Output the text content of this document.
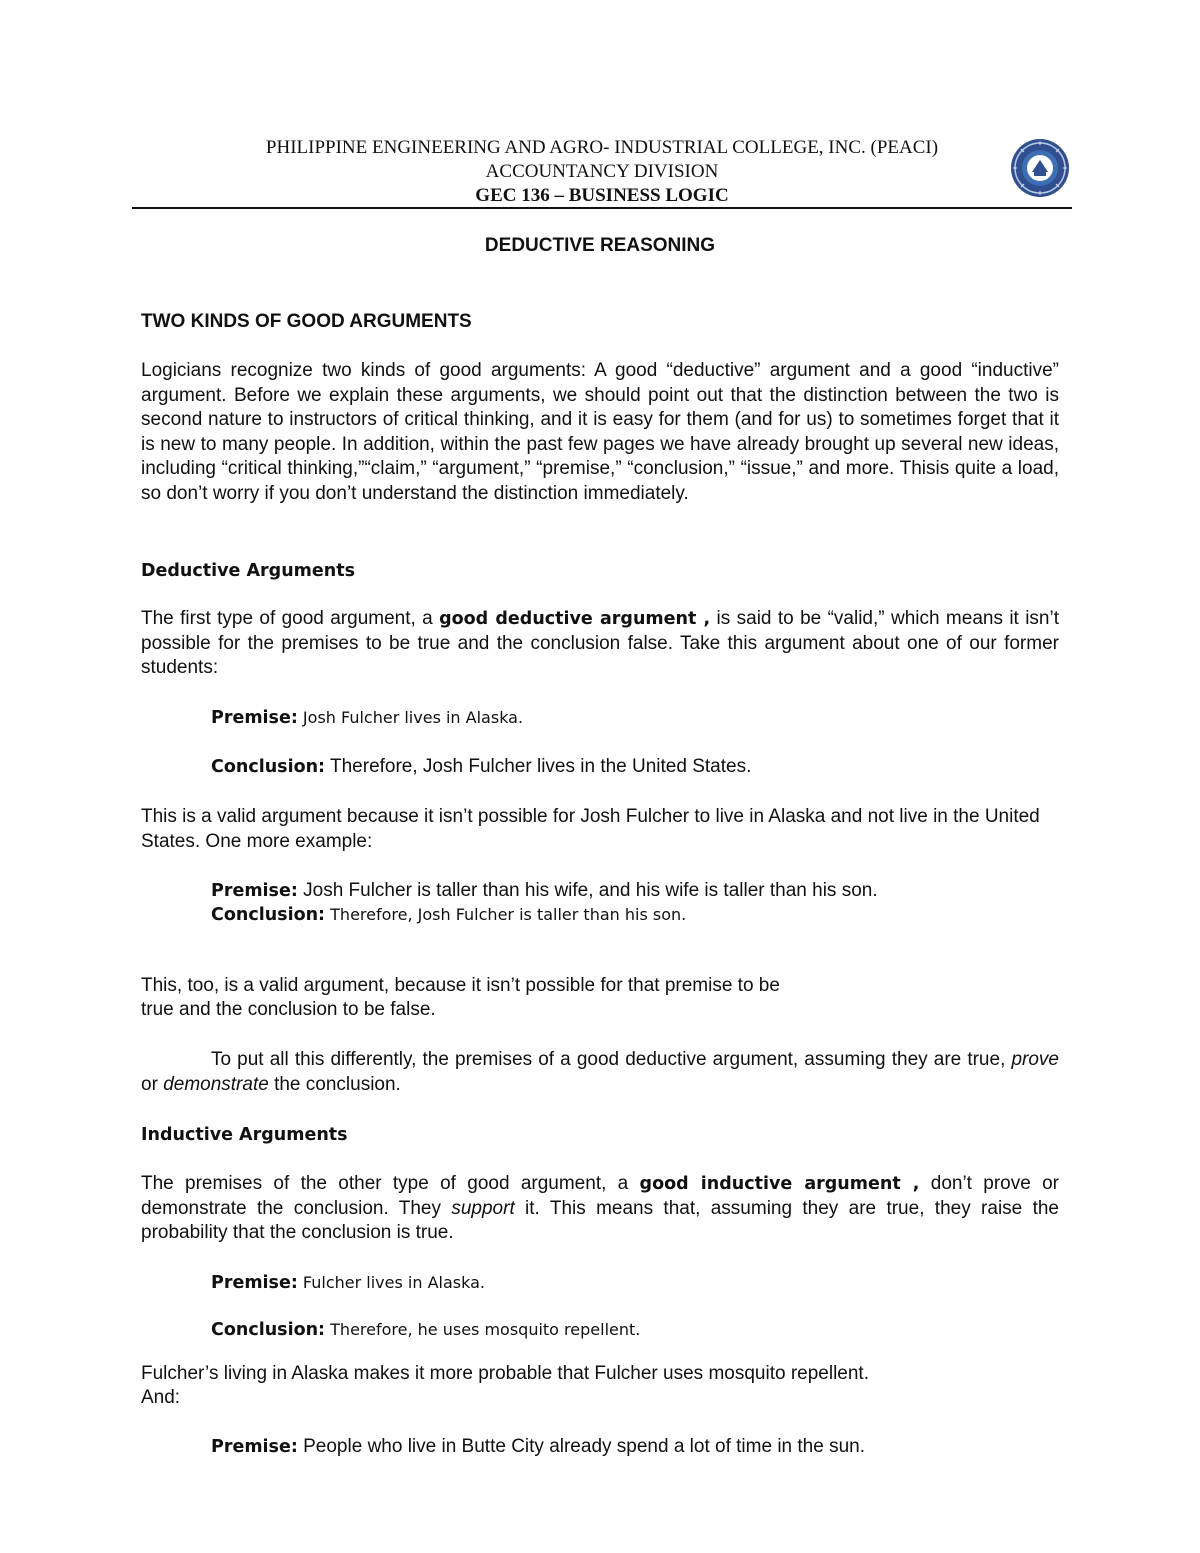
PHILIPPINE ENGINEERING AND AGRO- INDUSTRIAL COLLEGE, INC. (PEACI)
ACCOUNTANCY DIVISION
GEC 136 – BUSINESS LOGIC
DEDUCTIVE REASONING
TWO KINDS OF GOOD ARGUMENTS

Logicians recognize two kinds of good arguments: A good “deductive” argument and a good “inductive” argument. Before we explain these arguments, we should point out that the distinction between the two is second nature to instructors of critical thinking, and it is easy for them (and for us) to sometimes forget that it is new to many people. In addition, within the past few pages we have already brought up several new ideas, including “critical thinking,”“claim,” “argument,” “premise,” “conclusion,” “issue,” and more. Thisis quite a load, so don’t worry if you don’t understand the distinction immediately.

Deductive Arguments

The first type of good argument, a good deductive argument , is said to be “valid,” which means it isn’t possible for the premises to be true and the conclusion false. Take this argument about one of our former students:

Premise: Josh Fulcher lives in Alaska.
Conclusion: Therefore, Josh Fulcher lives in the United States.

This is a valid argument because it isn’t possible for Josh Fulcher to live in Alaska and not live in the United States. One more example:

Premise: Josh Fulcher is taller than his wife, and his wife is taller than his son.
Conclusion: Therefore, Josh Fulcher is taller than his son.
This, too, is a valid argument, because it isn’t possible for that premise to be
true and the conclusion to be false.

To put all this differently, the premises of a good deductive argument, assuming they are true, prove or demonstrate the conclusion.

Inductive Arguments

The premises of the other type of good argument, a good inductive argument , don’t prove or demonstrate the conclusion. They support it. This means that, assuming they are true, they raise the probability that the conclusion is true.

Premise: Fulcher lives in Alaska.
Conclusion: Therefore, he uses mosquito repellent.
Fulcher’s living in Alaska makes it more probable that Fulcher uses mosquito repellent.
And:
Premise: People who live in Butte City already spend a lot of time in the sun.
